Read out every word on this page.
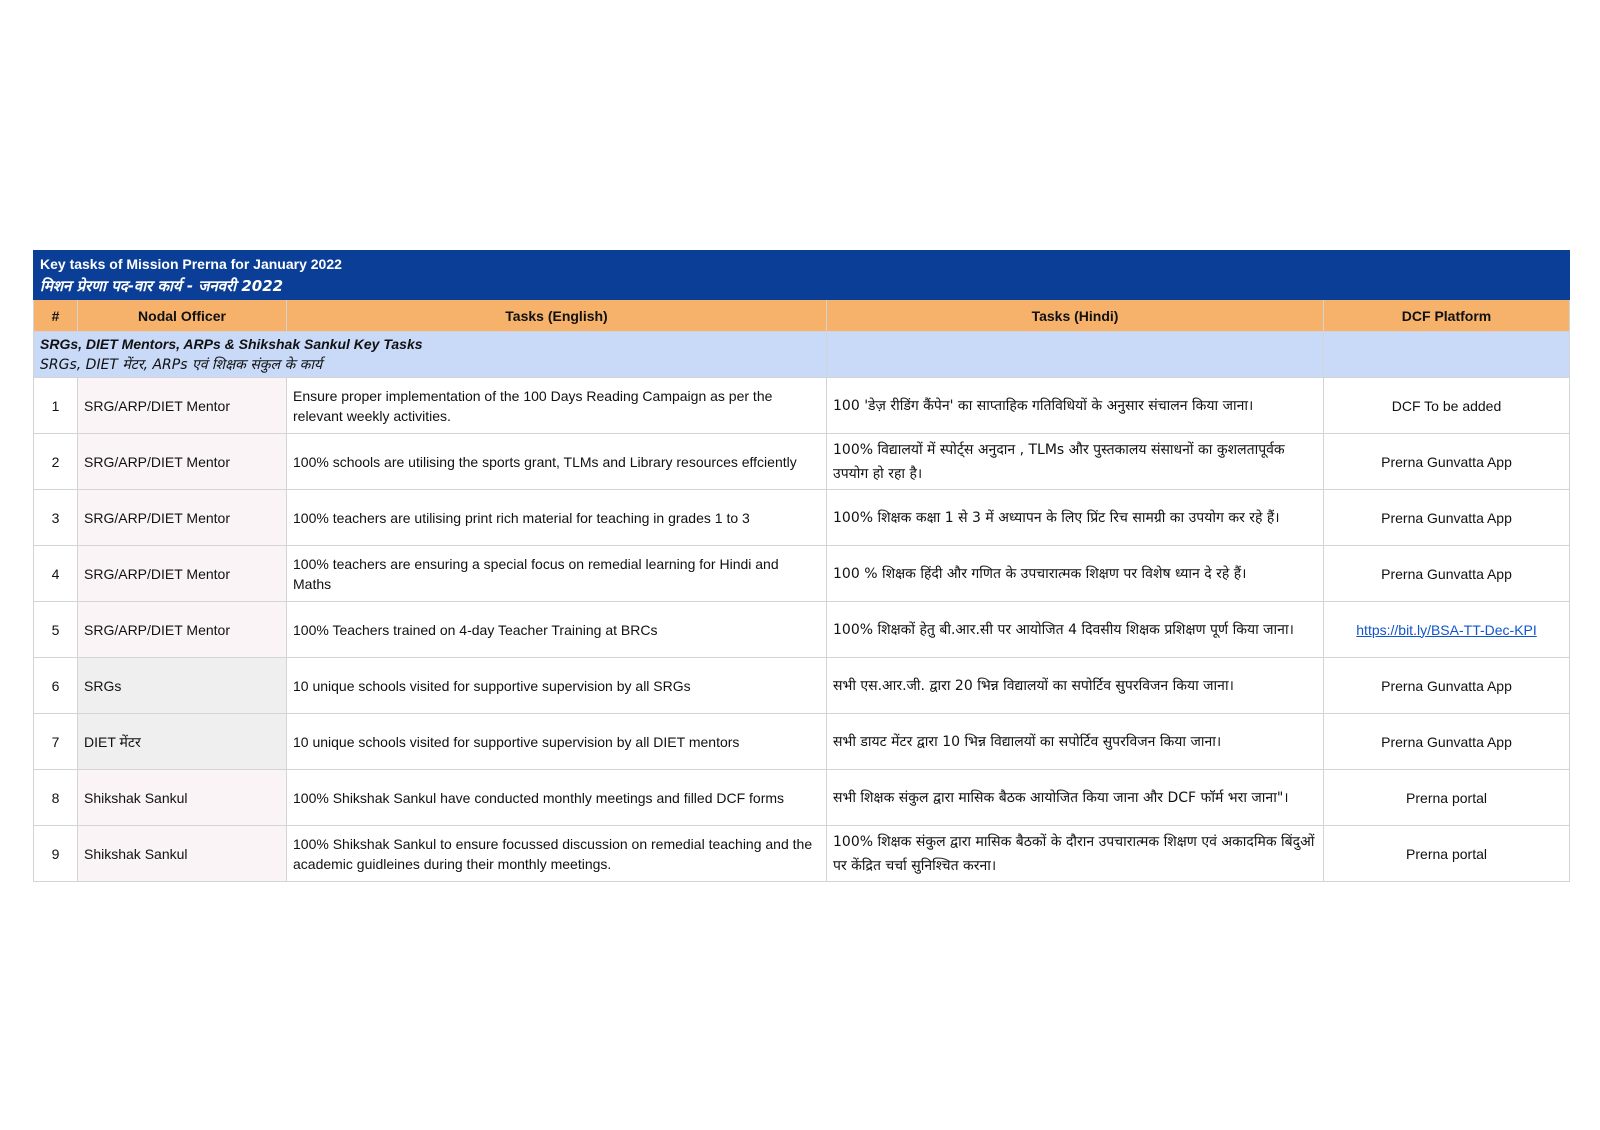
Key tasks of Mission Prerna for January 2022
मिशन प्रेरणा पद-वार कार्य - जनवरी 2022				

#	Nodal Officer	Tasks (English)	Tasks (Hindi)	DCF Platform

SRGs, DIET Mentors, ARPs & Shikshak Sankul Key Tasks
SRGs, DIET मेंटर, ARPs एवं शिक्षक संकुल के कार्य				

1	SRG/ARP/DIET Mentor	Ensure proper implementation of the 100 Days Reading Campaign as per the relevant weekly activities.	100 'डेज़ रीडिंग कैंपेन' का साप्ताहिक गतिविधियों के अनुसार संचालन किया जाना।	DCF To be added
2	SRG/ARP/DIET Mentor	100% schools are utilising the sports grant, TLMs and Library resources effciently	100% विद्यालयों में स्पोर्ट्स अनुदान , TLMs और पुस्तकालय संसाधनों का कुशलतापूर्वक उपयोग हो रहा है।	Prerna Gunvatta App
3	SRG/ARP/DIET Mentor	100% teachers are utilising print rich material for teaching in grades 1 to 3	100% शिक्षक कक्षा 1 से 3 में अध्यापन के लिए प्रिंट रिच सामग्री का उपयोग कर रहे हैं।	Prerna Gunvatta App
4	SRG/ARP/DIET Mentor	100% teachers are ensuring a special focus on remedial learning for Hindi and Maths	100 % शिक्षक हिंदी और गणित के उपचारात्मक शिक्षण पर विशेष ध्यान दे रहे हैं।	Prerna Gunvatta App
5	SRG/ARP/DIET Mentor	100% Teachers trained on 4-day Teacher Training at BRCs	100% शिक्षकों हेतु बी.आर.सी पर आयोजित 4 दिवसीय शिक्षक प्रशिक्षण पूर्ण किया जाना।	https://bit.ly/BSA-TT-Dec-KPI
6	SRGs	10 unique schools visited for supportive supervision by all SRGs	सभी एस.आर.जी. द्वारा 20 भिन्न विद्यालयों का सपोर्टिव सुपरविजन किया जाना।	Prerna Gunvatta App
7	DIET मेंटर	10 unique schools visited for supportive supervision by all DIET mentors	सभी डायट मेंटर द्वारा 10 भिन्न विद्यालयों का सपोर्टिव सुपरविजन किया जाना।	Prerna Gunvatta App
8	Shikshak Sankul	100% Shikshak Sankul have conducted monthly meetings and filled DCF forms	सभी शिक्षक संकुल द्वारा मासिक बैठक आयोजित किया जाना और DCF फॉर्म भरा जाना"।	Prerna portal
9	Shikshak Sankul	100% Shikshak Sankul to ensure focussed discussion on remedial teaching and the academic guidleines during their monthly meetings.	100% शिक्षक संकुल द्वारा मासिक बैठकों के दौरान उपचारात्मक शिक्षण एवं अकादमिक बिंदुओं पर केंद्रित चर्चा सुनिश्चित करना।	Prerna portal
